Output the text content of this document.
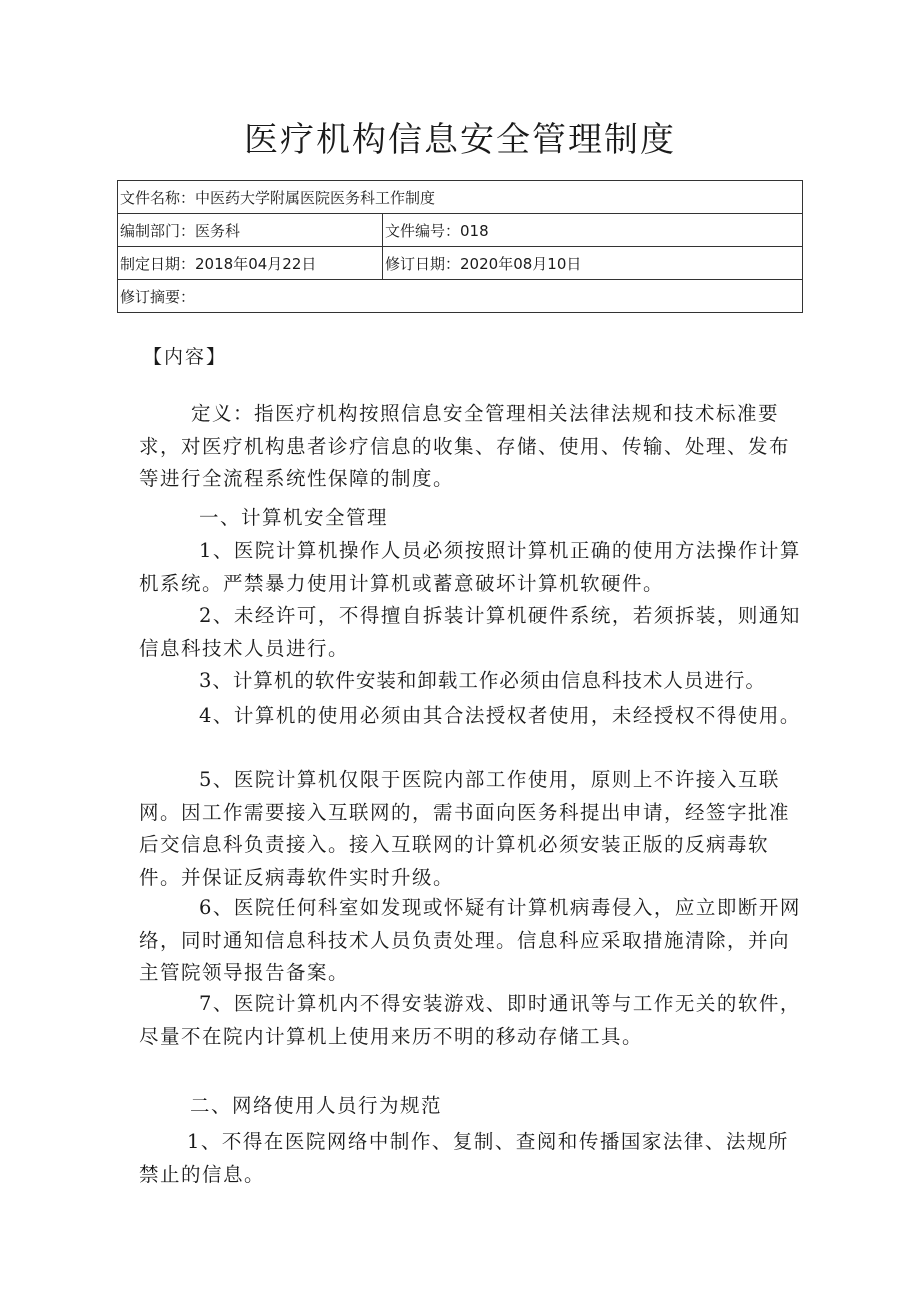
医疗机构信息安全管理制度
文件名称：中医药大学附属医院医务科工作制度	
编制部门：医务科	文件编号：018
制定日期：2018年04月22日	修订日期：2020年08月10日
修订摘要：	
【内容】

定义：指医疗机构按照信息安全管理相关法律法规和技术标准要求，对医疗机构患者诊疗信息的收集、存储、使用、传输、处理、发布等进行全流程系统性保障的制度。

一、计算机安全管理

1、医院计算机操作人员必须按照计算机正确的使用方法操作计算机系统。严禁暴力使用计算机或蓄意破坏计算机软硬件。

2、未经许可，不得擅自拆装计算机硬件系统，若须拆装，则通知信息科技术人员进行。

3、计算机的软件安装和卸载工作必须由信息科技术人员进行。

4、计算机的使用必须由其合法授权者使用，未经授权不得使用。

5、医院计算机仅限于医院内部工作使用，原则上不许接入互联网。因工作需要接入互联网的，需书面向医务科提出申请，经签字批准后交信息科负责接入。接入互联网的计算机必须安装正版的反病毒软件。并保证反病毒软件实时升级。

6、医院任何科室如发现或怀疑有计算机病毒侵入，应立即断开网络，同时通知信息科技术人员负责处理。信息科应采取措施清除，并向主管院领导报告备案。

7、医院计算机内不得安装游戏、即时通讯等与工作无关的软件，尽量不在院内计算机上使用来历不明的移动存储工具。

二、网络使用人员行为规范

1、不得在医院网络中制作、复制、查阅和传播国家法律、法规所禁止的信息。
